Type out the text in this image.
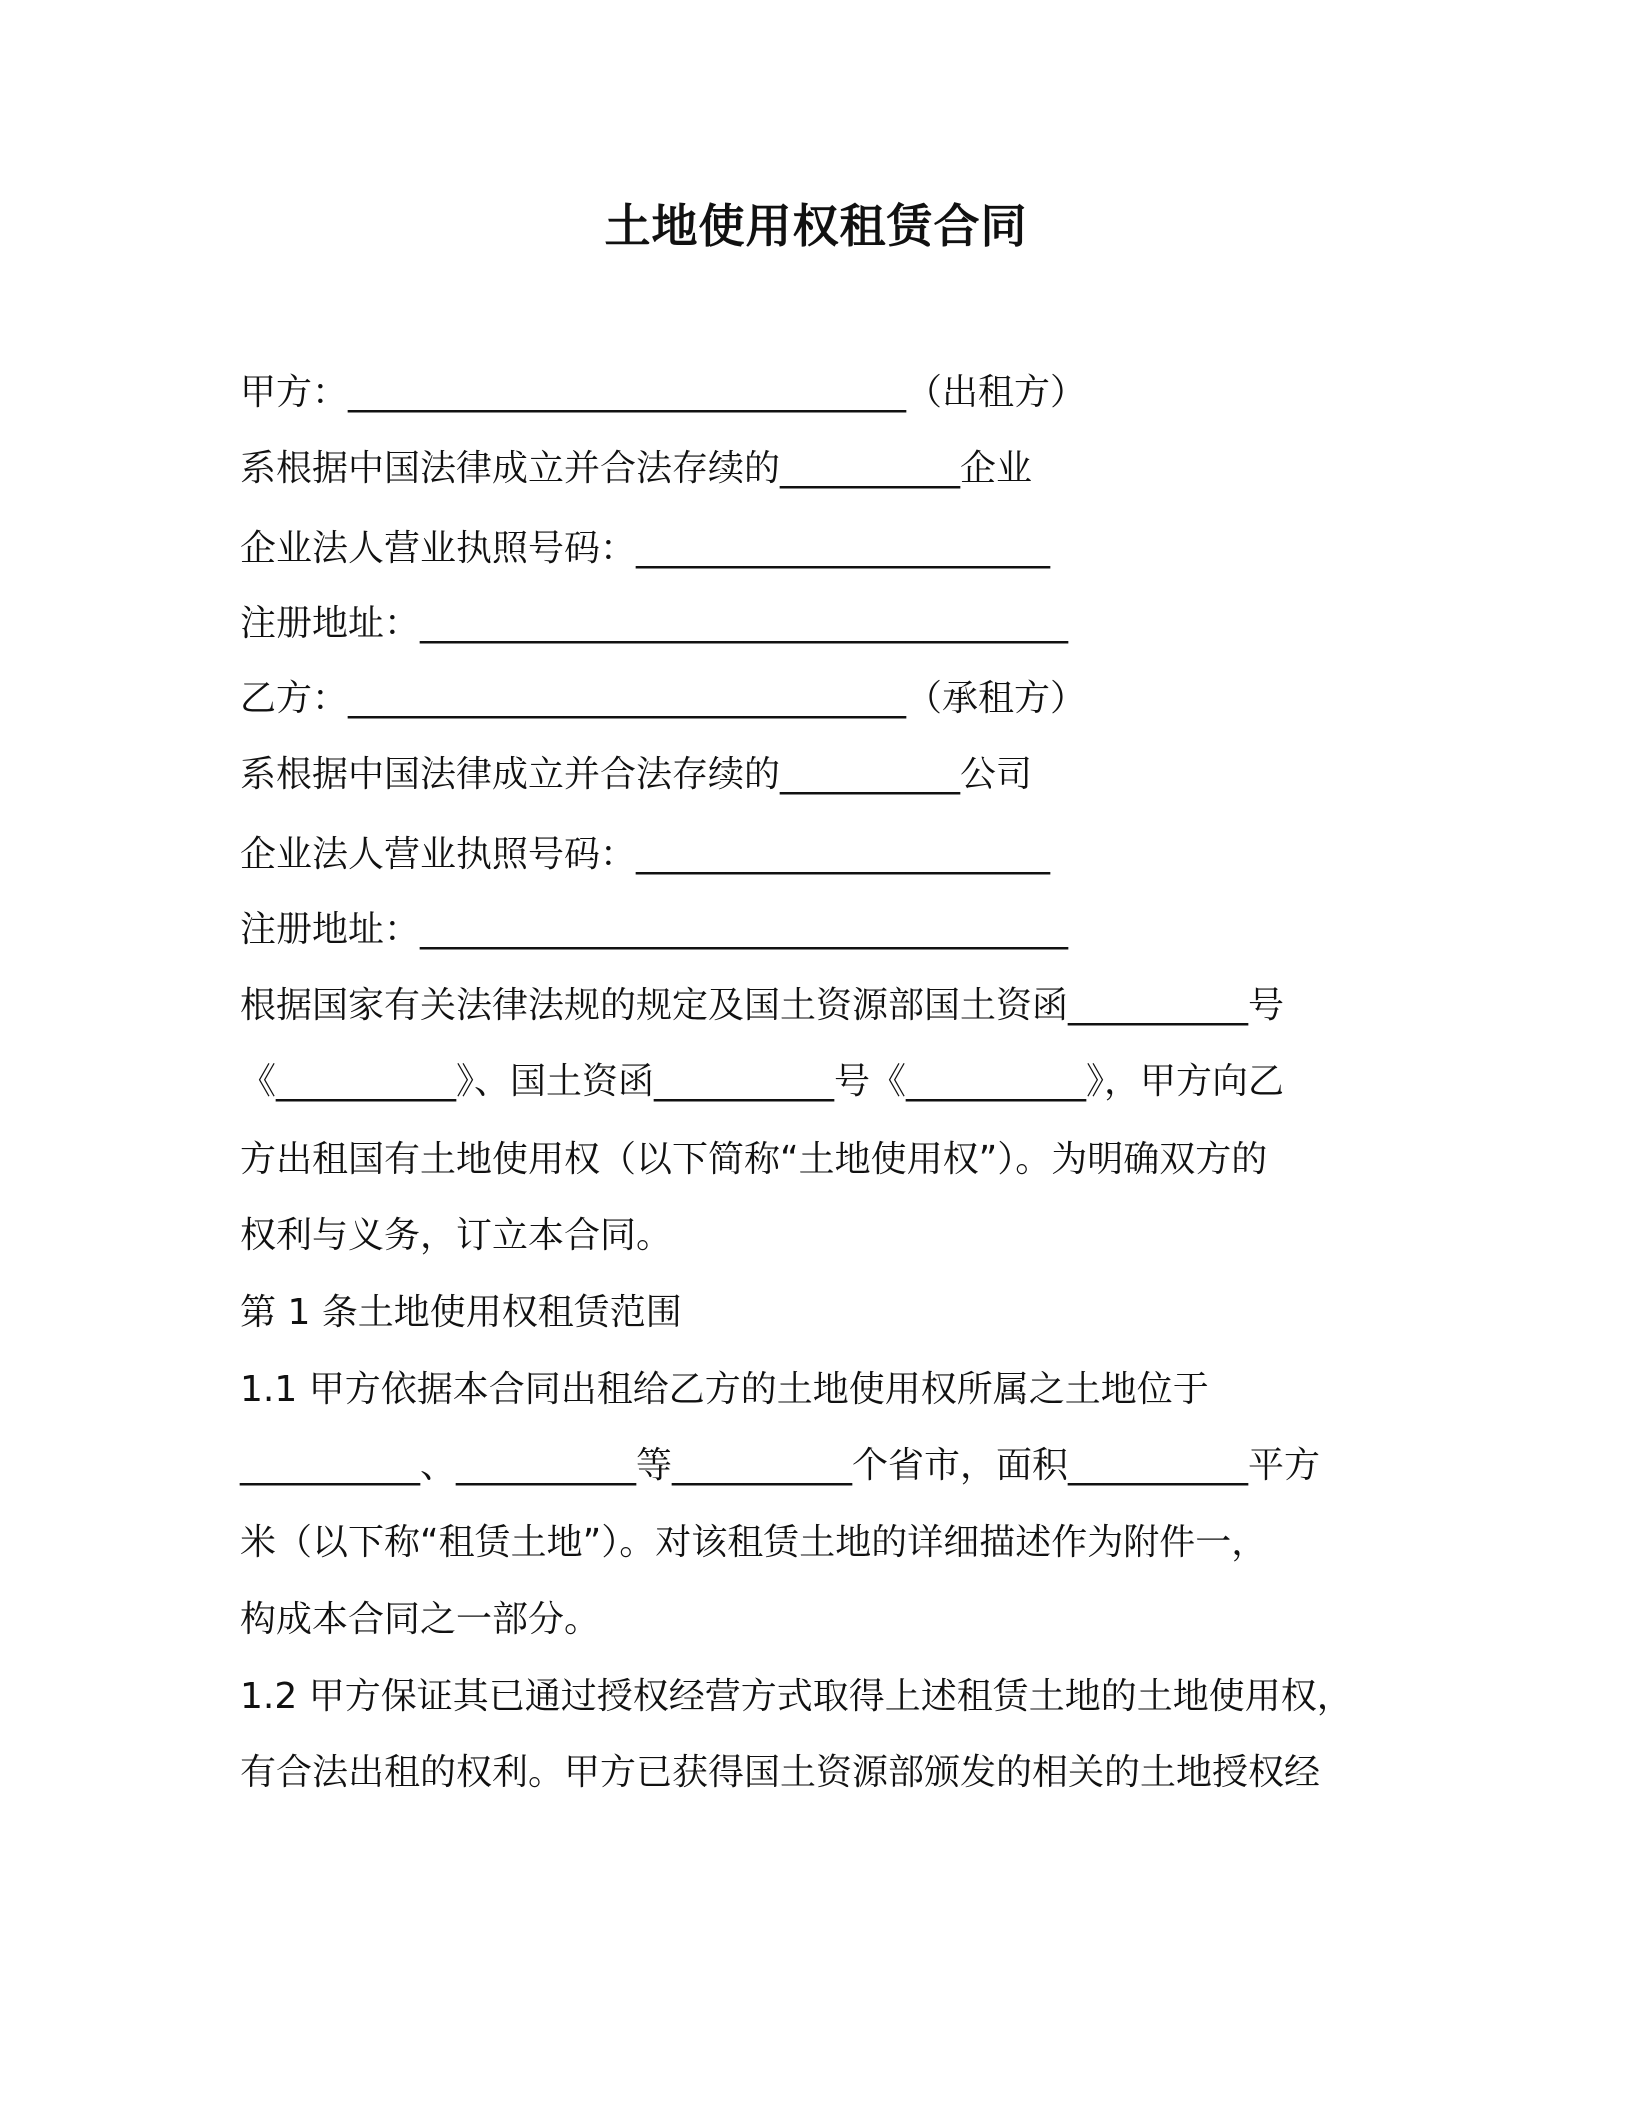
土地使用权租赁合同

甲方：_______________________________（出租方）

系根据中国法律成立并合法存续的__________企业

企业法人营业执照号码：_______________________

注册地址：____________________________________

乙方：_______________________________（承租方）

系根据中国法律成立并合法存续的__________公司

企业法人营业执照号码：_______________________

注册地址：____________________________________

根据国家有关法律法规的规定及国土资源部国土资函__________号

《__________》、国土资函__________号《__________》，甲方向乙

方出租国有土地使用权（以下简称“土地使用权”）。为明确双方的

权利与义务，订立本合同。

第 1 条土地使用权租赁范围

1.1 甲方依据本合同出租给乙方的土地使用权所属之土地位于

__________、__________等__________个省市，面积__________平方

米（以下称“租赁土地”）。对该租赁土地的详细描述作为附件一，

构成本合同之一部分。

1.2 甲方保证其已通过授权经营方式取得上述租赁土地的土地使用权，

有合法出租的权利。甲方已获得国土资源部颁发的相关的土地授权经
